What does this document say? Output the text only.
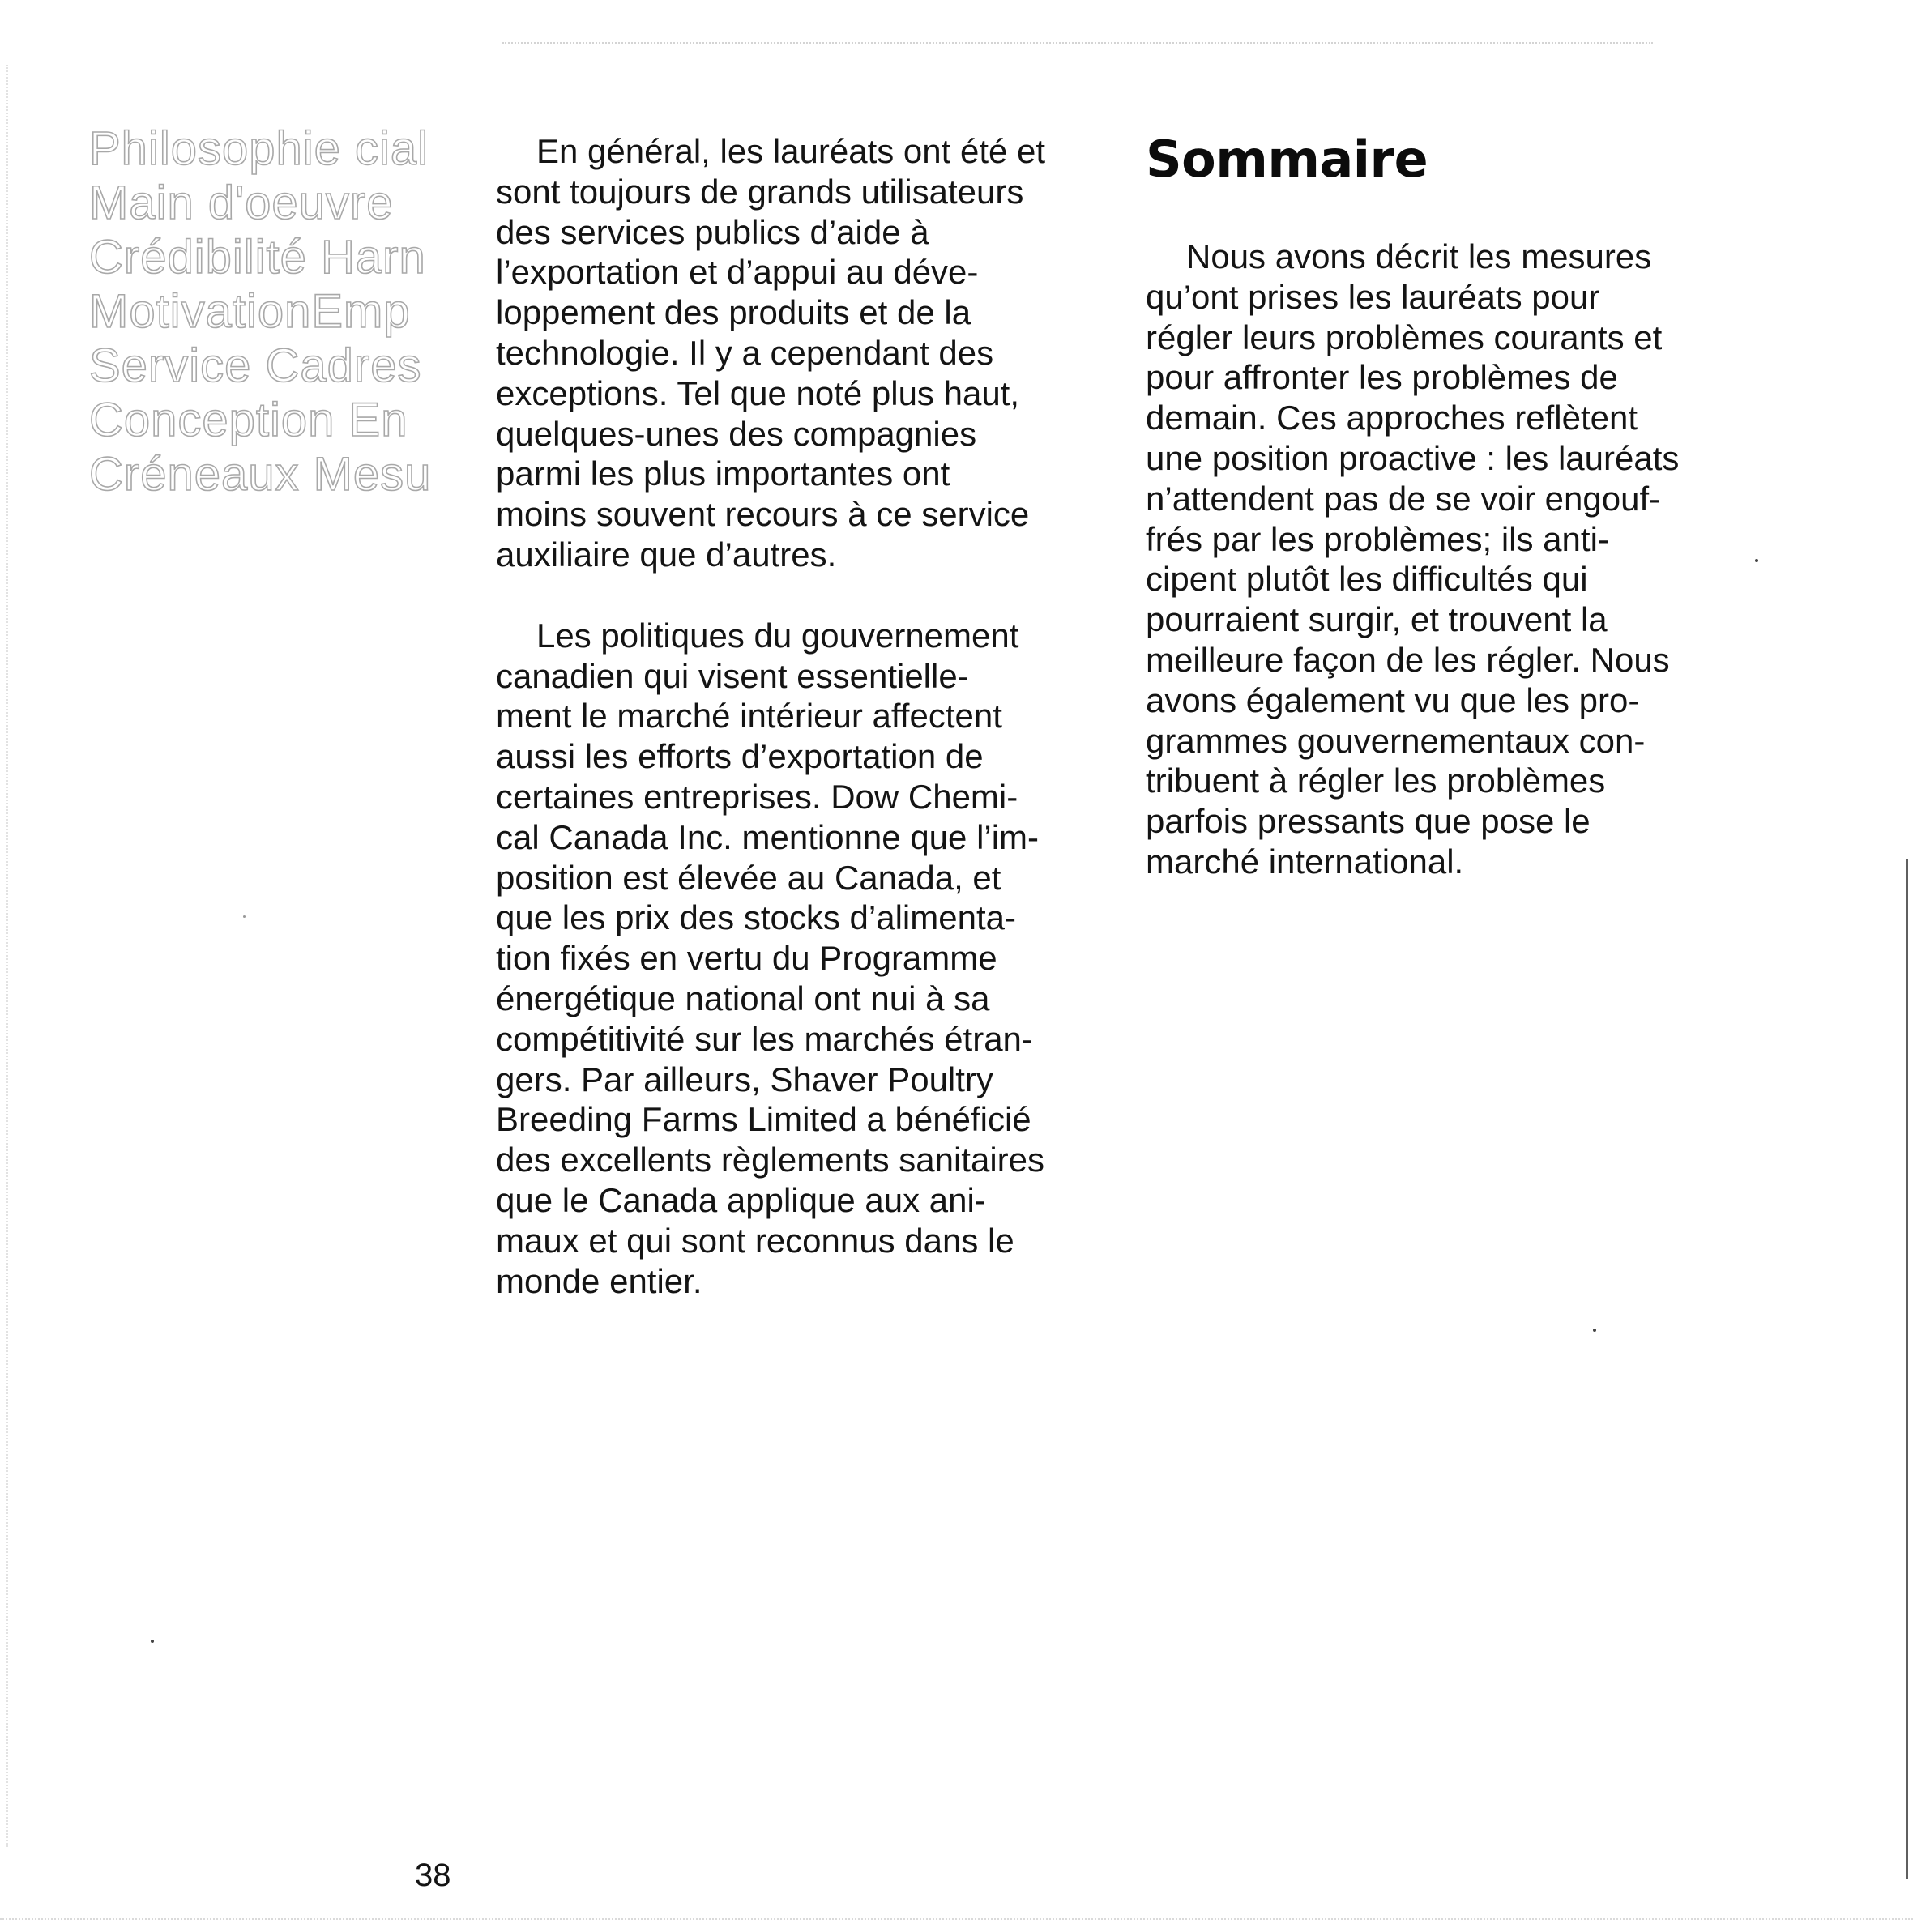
Philosophie cial
Main d'oeuvre
Crédibilité Harn
MotivationEmp
Service Cadres
Conception En
Créneaux Mesu
En général, les lauréats ont été et
sont toujours de grands utilisateurs
des services publics d’aide à
l’exportation et d’appui au déve-
loppement des produits et de la
technologie. Il y a cependant des
exceptions. Tel que noté plus haut,
quelques-unes des compagnies
parmi les plus importantes ont
moins souvent recours à ce service
auxiliaire que d’autres.
Les politiques du gouvernement
canadien qui visent essentielle-
ment le marché intérieur affectent
aussi les efforts d’exportation de
certaines entreprises. Dow Chemi-
cal Canada Inc. mentionne que l’im-
position est élevée au Canada, et
que les prix des stocks d’alimenta-
tion fixés en vertu du Programme
énergétique national ont nui à sa
compétitivité sur les marchés étran-
gers. Par ailleurs, Shaver Poultry
Breeding Farms Limited a bénéficié
des excellents règlements sanitaires
que le Canada applique aux ani-
maux et qui sont reconnus dans le
monde entier.
Sommaire
Nous avons décrit les mesures
qu’ont prises les lauréats pour
régler leurs problèmes courants et
pour affronter les problèmes de
demain. Ces approches reflètent
une position proactive : les lauréats
n’attendent pas de se voir engouf-
frés par les problèmes; ils anti-
cipent plutôt les difficultés qui
pourraient surgir, et trouvent la
meilleure façon de les régler. Nous
avons également vu que les pro-
grammes gouvernementaux con-
tribuent à régler les problèmes
parfois pressants que pose le
marché international.
38
